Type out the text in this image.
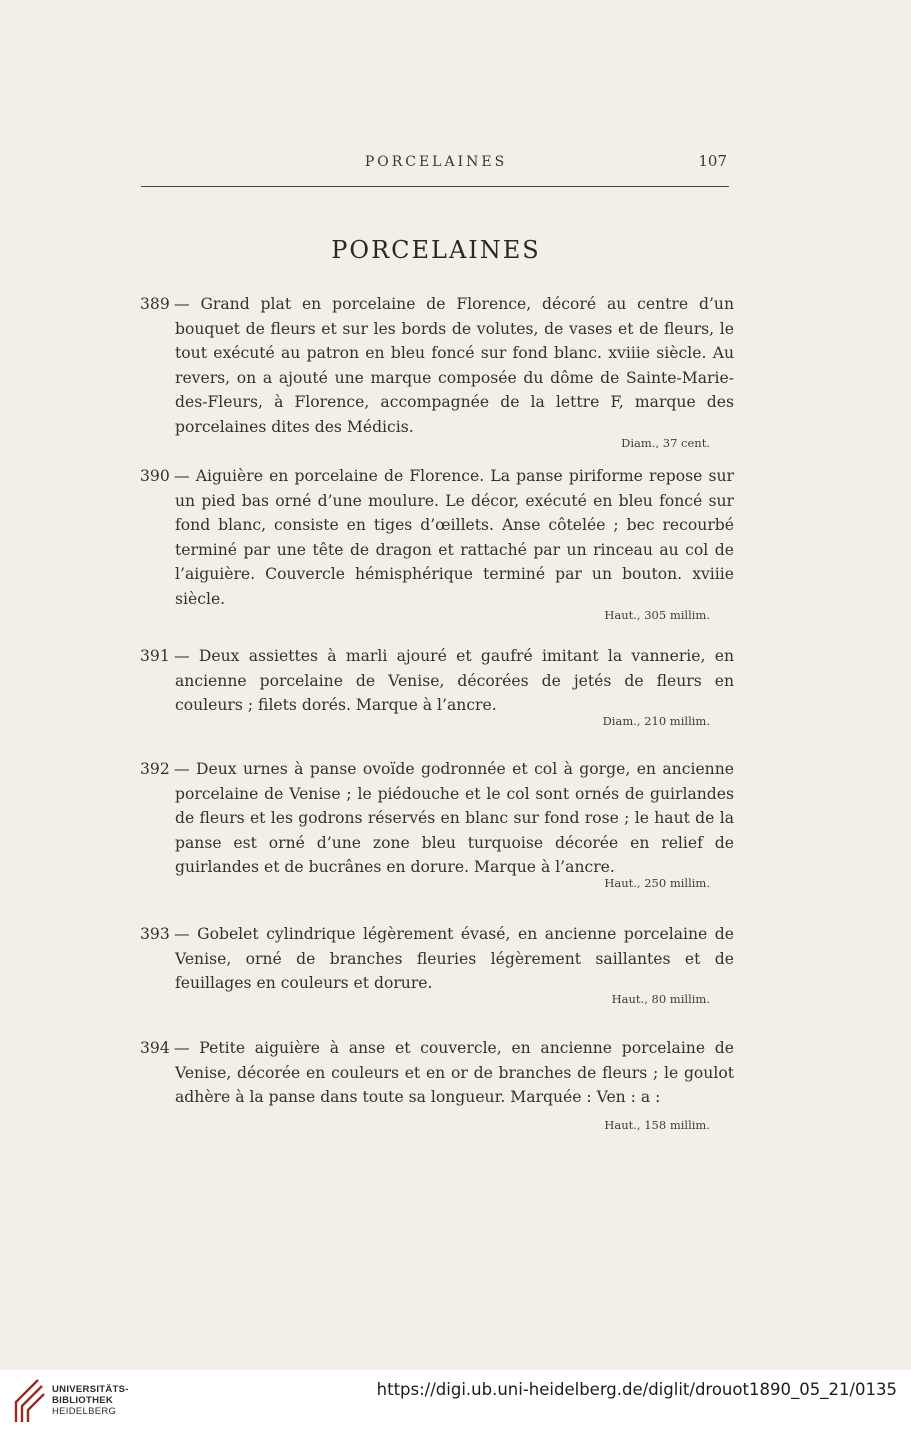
PORCELAINES	107
PORCELAINES

389 — Grand plat en porcelaine de Florence, décoré au centre d’un bouquet de fleurs et sur les bords de volutes, de vases et de fleurs, le tout exécuté au patron en bleu foncé sur fond blanc. xviiie siècle. Au revers, on a ajouté une marque composée du dôme de Sainte-Marie-des-Fleurs, à Florence, accompagnée de la lettre F, marque des porcelaines dites des Médicis.

Diam., 37 cent.

390 — Aiguière en porcelaine de Florence. La panse piriforme repose sur un pied bas orné d’une moulure. Le décor, exécuté en bleu foncé sur fond blanc, consiste en tiges d’œillets. Anse côtelée ; bec recourbé terminé par une tête de dragon et rattaché par un rinceau au col de l’aiguière. Couvercle hémisphérique terminé par un bouton. xviiie siècle.

Haut., 305 millim.

391 — Deux assiettes à marli ajouré et gaufré imitant la vannerie, en ancienne porcelaine de Venise, décorées de jetés de fleurs en couleurs ; filets dorés. Marque à l’ancre.

Diam., 210 millim.

392 — Deux urnes à panse ovoïde godronnée et col à gorge, en ancienne porcelaine de Venise ; le piédouche et le col sont ornés de guirlandes de fleurs et les godrons réservés en blanc sur fond rose ; le haut de la panse est orné d’une zone bleu turquoise décorée en relief de guirlandes et de bucrânes en dorure. Marque à l’ancre.

Haut., 250 millim.

393 — Gobelet cylindrique légèrement évasé, en ancienne porcelaine de Venise, orné de branches fleuries légèrement saillantes et de feuillages en couleurs et dorure.

Haut., 80 millim.

394 — Petite aiguière à anse et couvercle, en ancienne porcelaine de Venise, décorée en couleurs et en or de branches de fleurs ; le goulot adhère à la panse dans toute sa longueur. Marquée : Ven : a :

Haut., 158 millim.
UNIVERSITÄTS-
BIBLIOTHEK
HEIDELBERG
https://digi.ub.uni-heidelberg.de/diglit/drouot1890_05_21/0135
